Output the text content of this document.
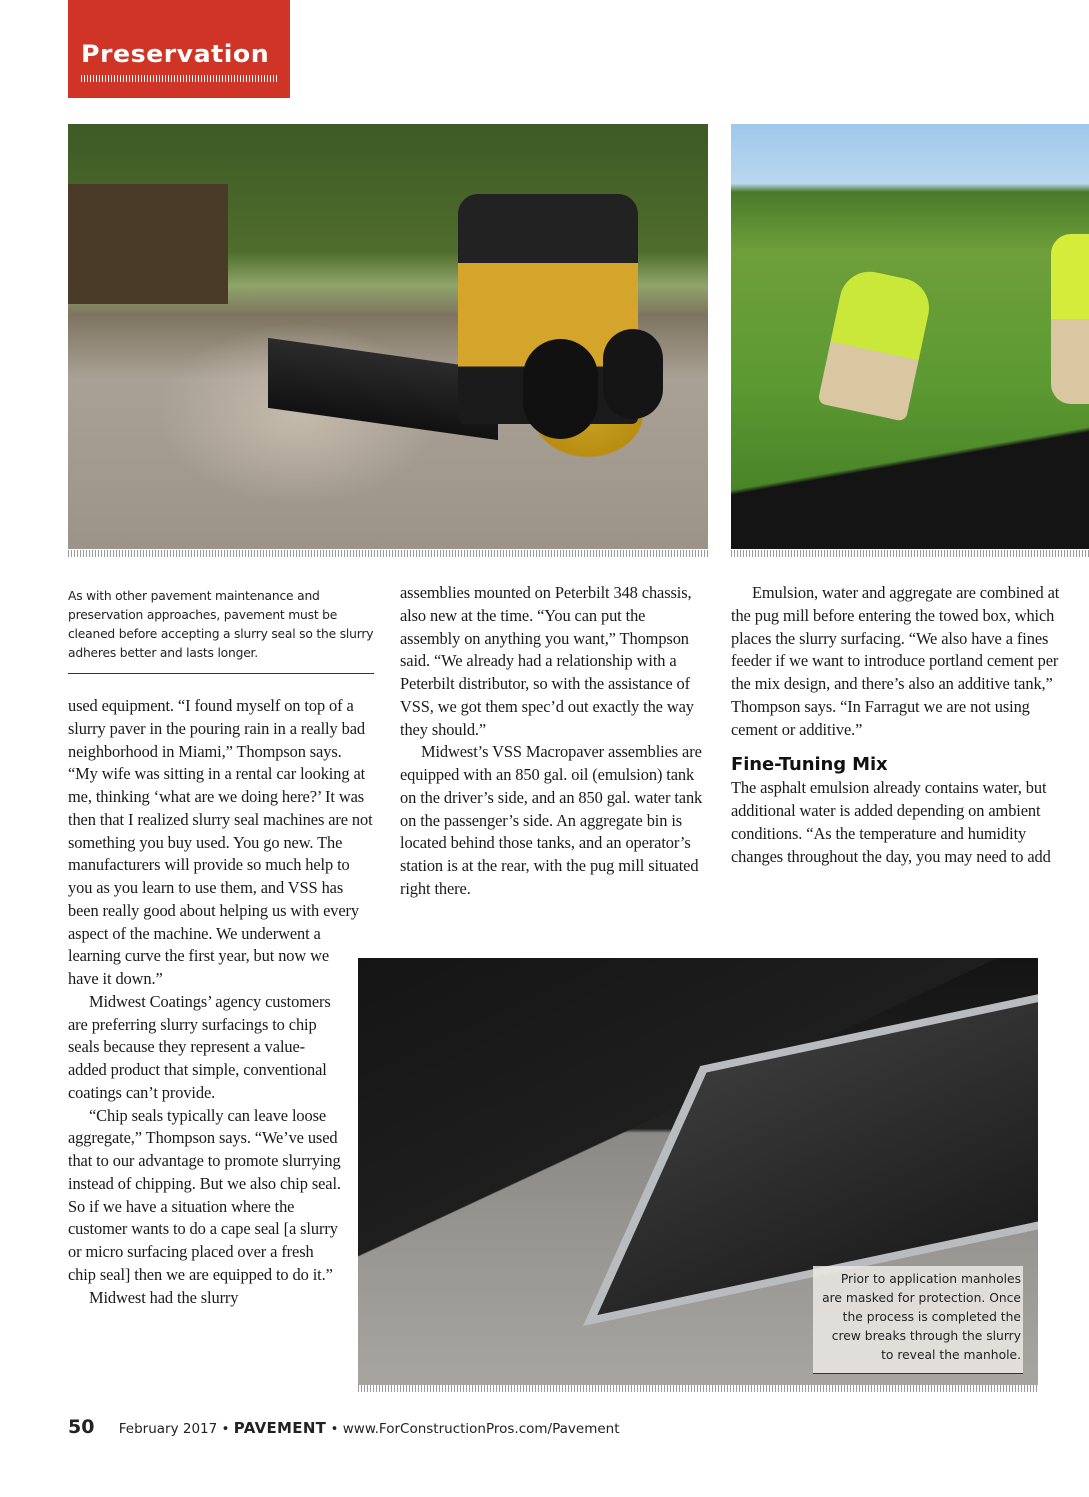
Preservation
As with other pavement maintenance and preservation approaches, pavement must be cleaned before accepting a slurry seal so the slurry adheres better and lasts longer.

used equipment. “I found myself on top of a slurry paver in the pouring rain in a really bad neighborhood in Miami,” Thompson says. “My wife was sitting in a rental car looking at me, thinking ‘what are we doing here?’ It was then that I realized slurry seal machines are not something you buy used. You go new. The manufacturers will provide so much help to you as you learn to use them, and VSS has been really good about helping us with every aspect of the machine. We underwent a learning curve the first year, but now we have it down.”

Midwest Coatings’ agency customers are preferring slurry surfacings to chip seals because they represent a value-added product that simple, conventional coatings can’t provide.

“Chip seals typically can leave loose aggregate,” Thompson says. “We’ve used that to our advantage to promote slurrying instead of chipping. But we also chip seal. So if we have a situation where the customer wants to do a cape seal [a slurry or micro surfacing placed over a fresh chip seal] then we are equipped to do it.”

Midwest had the slurry

assemblies mounted on Peterbilt 348 chassis, also new at the time. “You can put the assembly on anything you want,” Thompson said. “We already had a relationship with a Peterbilt distributor, so with the assistance of VSS, we got them spec’d out exactly the way they should.”

Midwest’s VSS Macropaver assemblies are equipped with an 850 gal. oil (emulsion) tank on the driver’s side, and an 850 gal. water tank on the passenger’s side. An aggregate bin is located behind those tanks, and an operator’s station is at the rear, with the pug mill situated right there.

Emulsion, water and aggregate are combined at the pug mill before entering the towed box, which places the slurry surfacing. “We also have a fines feeder if we want to introduce portland cement per the mix design, and there’s also an additive tank,” Thompson says. “In Farragut we are not using cement or additive.”

Fine-Tuning Mix

The asphalt emulsion already contains water, but additional water is added depending on ambient conditions. “As the temperature and humidity changes throughout the day, you may need to add

Prior to application manholes are masked for protection. Once the process is completed the crew breaks through the slurry to reveal the manhole.
50 February 2017 • PAVEMENT • www.ForConstructionPros.com/Pavement
